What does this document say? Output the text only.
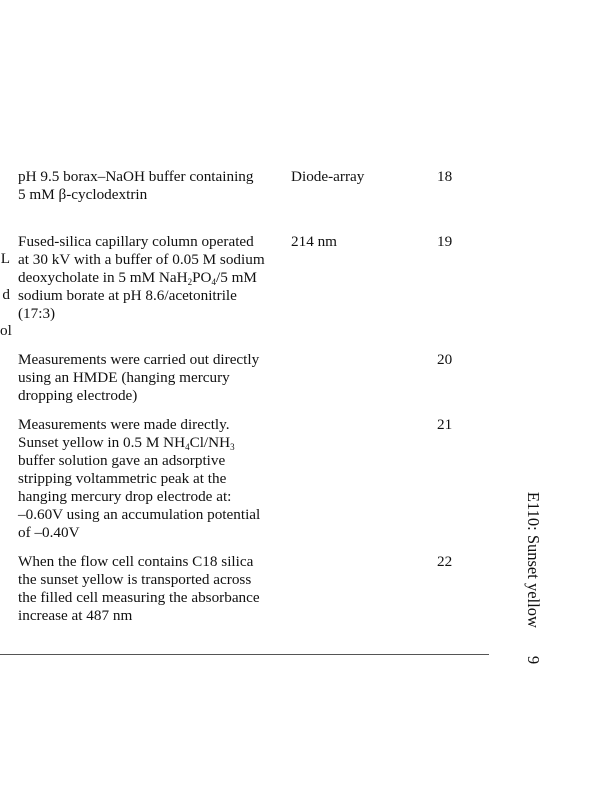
L
d
ol
pH 9.5 borax–NaOH buffer containing
5 mM β-cyclodextrin
Diode-array	18
Fused-silica capillary column operated
at 30 kV with a buffer of 0.05 M sodium
deoxycholate in 5 mM $NaH_2PO_4/5$ mM
sodium borate at pH 8.6/acetonitrile
(17:3)
214 nm	19
Measurements were carried out directly
using an HMDE (hanging mercury
dropping electrode)
20
Measurements were made directly.
Sunset yellow in 0.5 M $NH_4Cl/NH_3$
buffer solution gave an adsorptive
stripping voltammetric peak at the
hanging mercury drop electrode at:
–0.60V using an accumulation potential
of –0.40V
21
When the flow cell contains C18 silica
the sunset yellow is transported across
the filled cell measuring the absorbance
increase at 487 nm
22	E110: Sunset yellow9
